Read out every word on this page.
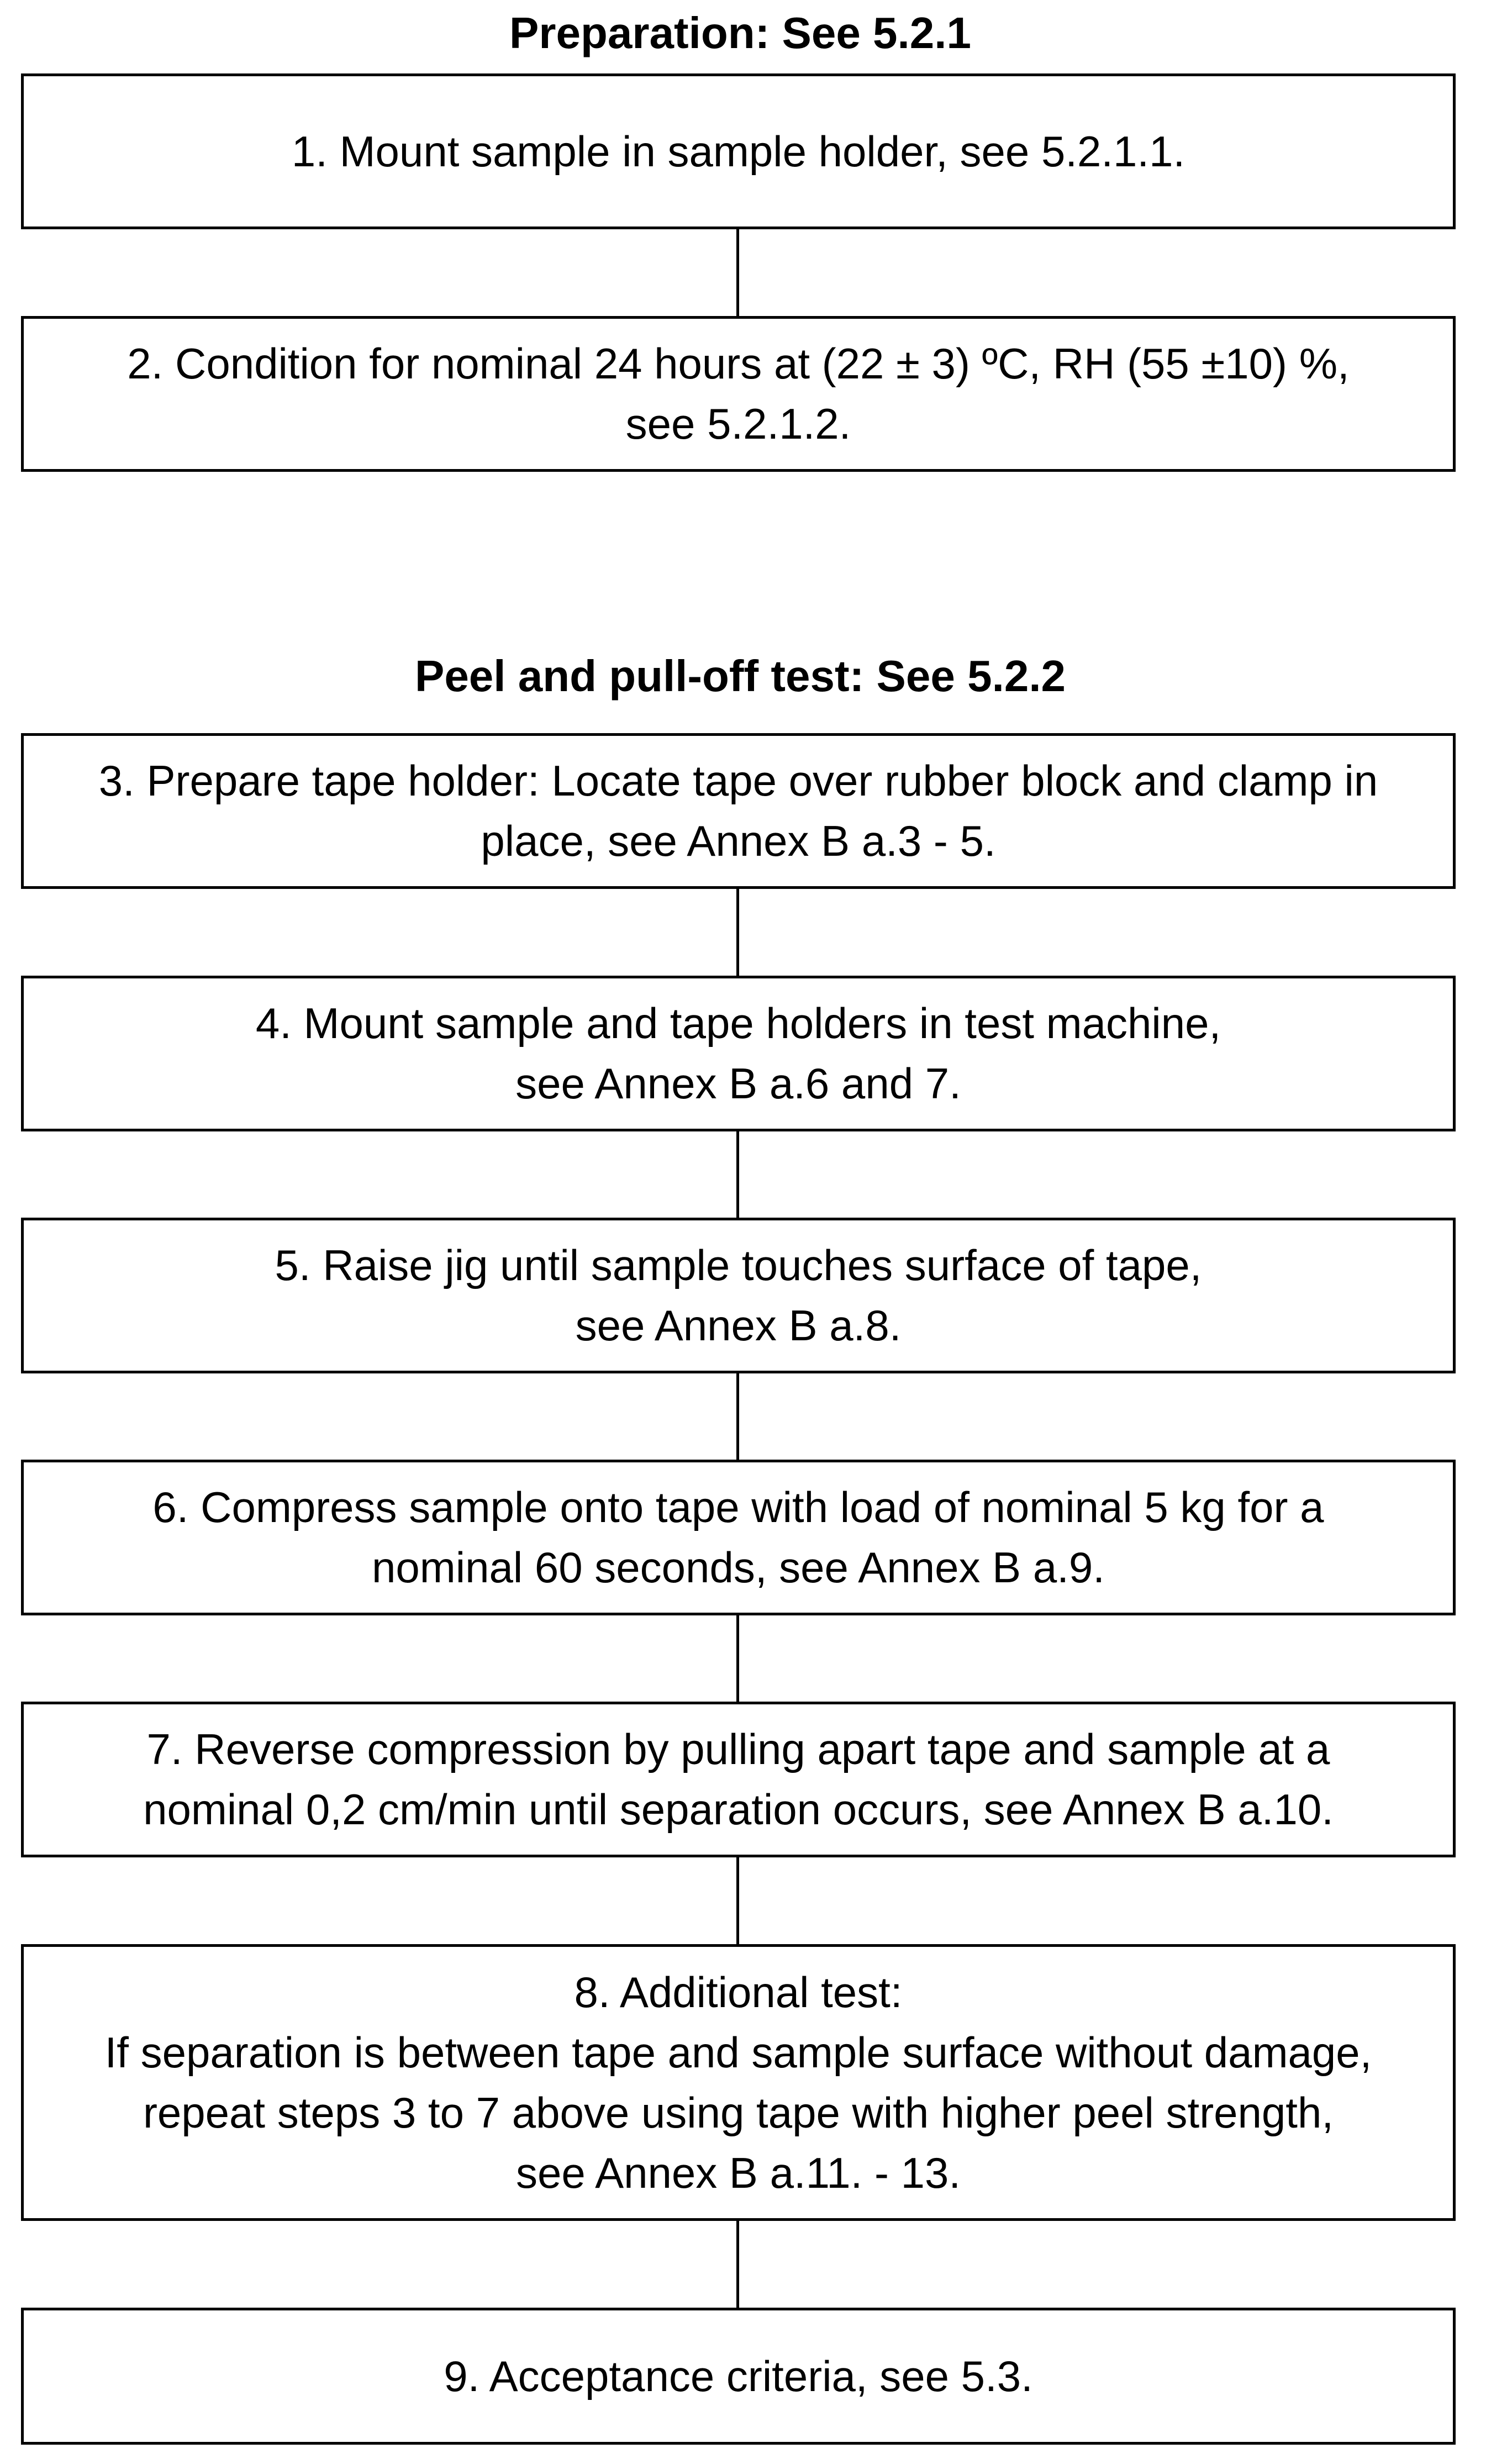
Preparation: See 5.2.1
1. Mount sample in sample holder, see 5.2.1.1.
2. Condition for nominal 24 hours at (22 ± 3) ºC, RH (55 ±10) %,
see 5.2.1.2.
Peel and pull-off test: See 5.2.2
3. Prepare tape holder: Locate tape over rubber block and clamp in
place, see Annex B a.3 - 5.
4. Mount sample and tape holders in test machine,
see Annex B a.6 and 7.
5. Raise jig until sample touches surface of tape,
see Annex B a.8.
6. Compress sample onto tape with load of nominal 5 kg for a
nominal 60 seconds, see Annex B a.9.
7. Reverse compression by pulling apart tape and sample at a
nominal 0,2 cm/min until separation occurs, see Annex B a.10.
8. Additional test:
If separation is between tape and sample surface without damage,
repeat steps 3 to 7 above using tape with higher peel strength,
see Annex B a.11. - 13.
9. Acceptance criteria, see 5.3.
